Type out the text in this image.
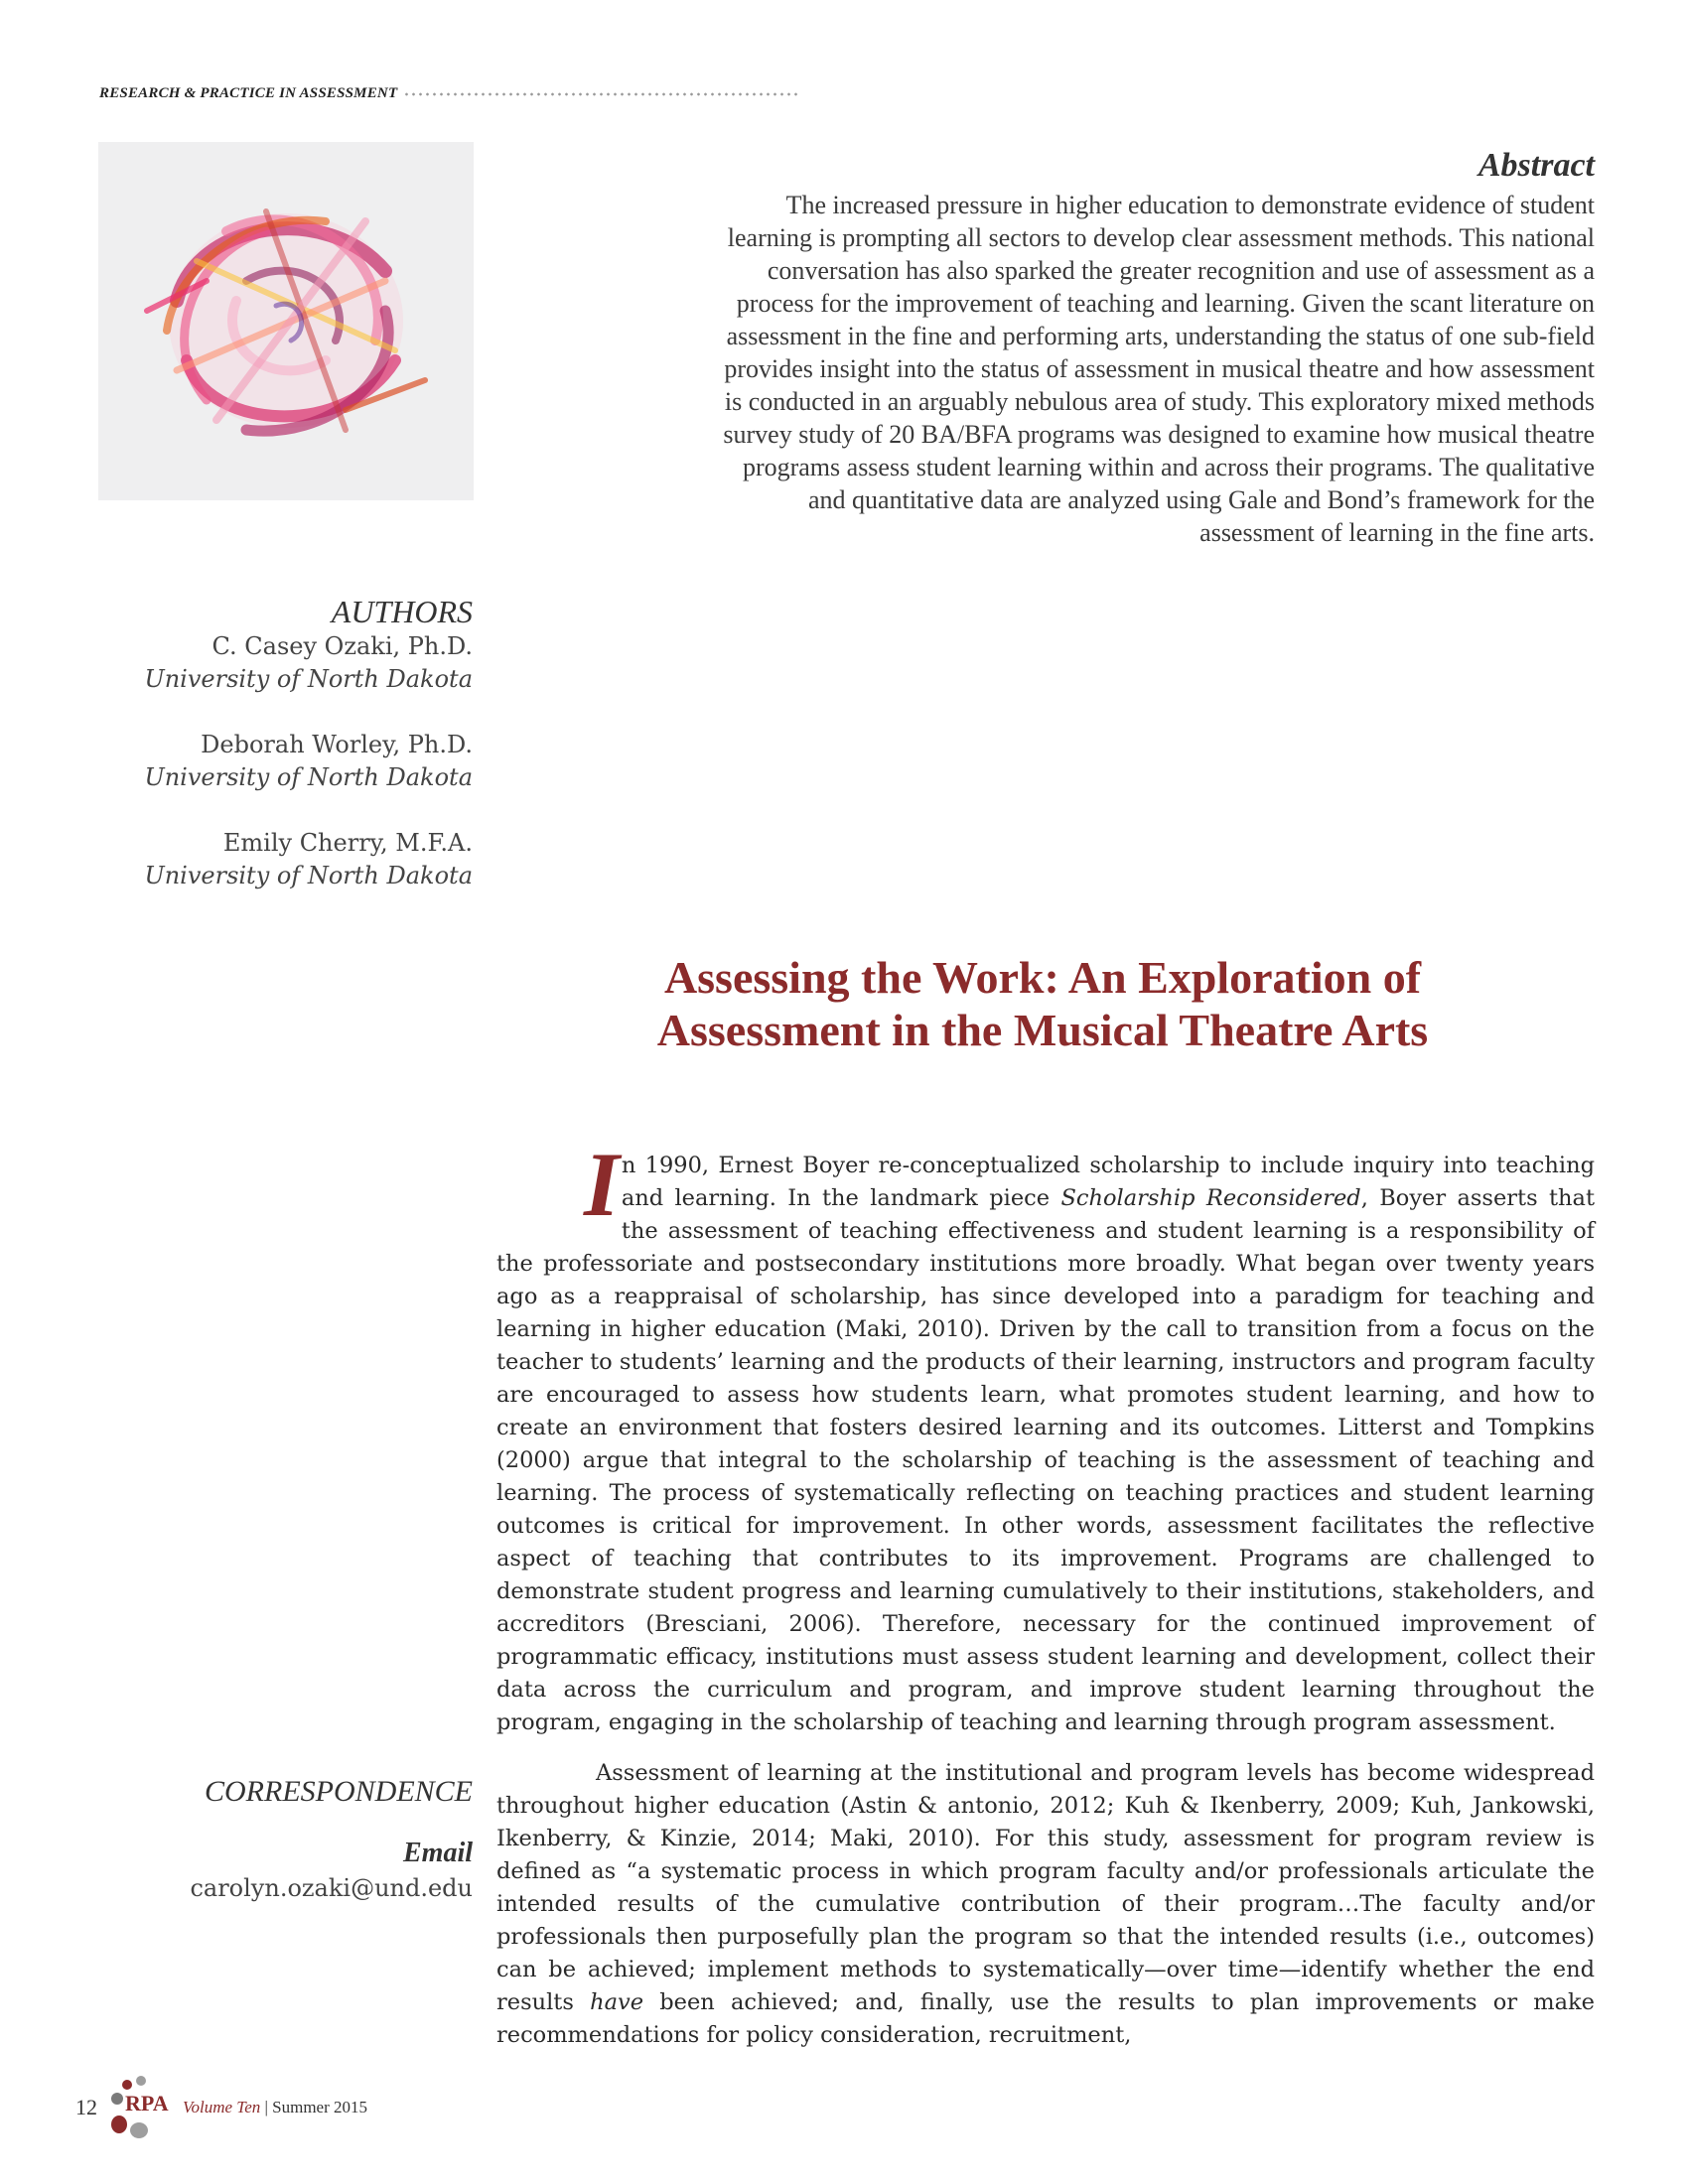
RESEARCH & PRACTICE IN ASSESSMENT
Abstract

The increased pressure in higher education to demonstrate evidence of student learning is prompting all sectors to develop clear assessment methods. This national conversation has also sparked the greater recognition and use of assessment as a process for the improvement of teaching and learning. Given the scant literature on assessment in the fine and performing arts, understanding the status of one sub-field provides insight into the status of assessment in musical theatre and how assessment is conducted in an arguably nebulous area of study. This exploratory mixed methods survey study of 20 BA/BFA programs was designed to examine how musical theatre programs assess student learning within and across their programs. The qualitative and quantitative data are analyzed using Gale and Bond’s framework for the assessment of learning in the fine arts.

AUTHORS
C. Casey Ozaki, Ph.D.
University of North Dakota
Deborah Worley, Ph.D.
University of North Dakota
Emily Cherry, M.F.A.
University of North Dakota
Assessing the Work: An Exploration of
Assessment in the Musical Theatre Arts

In 1990, Ernest Boyer re-conceptualized scholarship to include inquiry into teaching and learning. In the landmark piece Scholarship Reconsidered, Boyer asserts that the assessment of teaching effectiveness and student learning is a responsibility of the professoriate and postsecondary institutions more broadly. What began over twenty years ago as a reappraisal of scholarship, has since developed into a paradigm for teaching and learning in higher education (Maki, 2010). Driven by the call to transition from a focus on the teacher to students’ learning and the products of their learning, instructors and program faculty are encouraged to assess how students learn, what promotes student learning, and how to create an environment that fosters desired learning and its outcomes. Litterst and Tompkins (2000) argue that integral to the scholarship of teaching is the assessment of teaching and learning. The process of systematically reflecting on teaching practices and student learning outcomes is critical for improvement. In other words, assessment facilitates the reflective aspect of teaching that contributes to its improvement. Programs are challenged to demonstrate student progress and learning cumulatively to their institutions, stakeholders, and accreditors (Bresciani, 2006). Therefore, necessary for the continued improvement of programmatic efficacy, institutions must assess student learning and development, collect their data across the curriculum and program, and improve student learning throughout the program, engaging in the scholarship of teaching and learning through program assessment.

Assessment of learning at the institutional and program levels has become widespread throughout higher education (Astin & antonio, 2012; Kuh & Ikenberry, 2009; Kuh, Jankowski, Ikenberry, & Kinzie, 2014; Maki, 2010). For this study, assessment for program review is defined as “a systematic process in which program faculty and/or professionals articulate the intended results of the cumulative contribution of their program…The faculty and/or professionals then purposefully plan the program so that the intended results (i.e., outcomes) can be achieved; implement methods to systematically—over time—identify whether the end results have been achieved; and, finally, use the results to plan improvements or make recommendations for policy consideration, recruitment,

CORRESPONDENCE
Email
carolyn.ozaki@und.edu
12 RPA Volume Ten | Summer 2015
